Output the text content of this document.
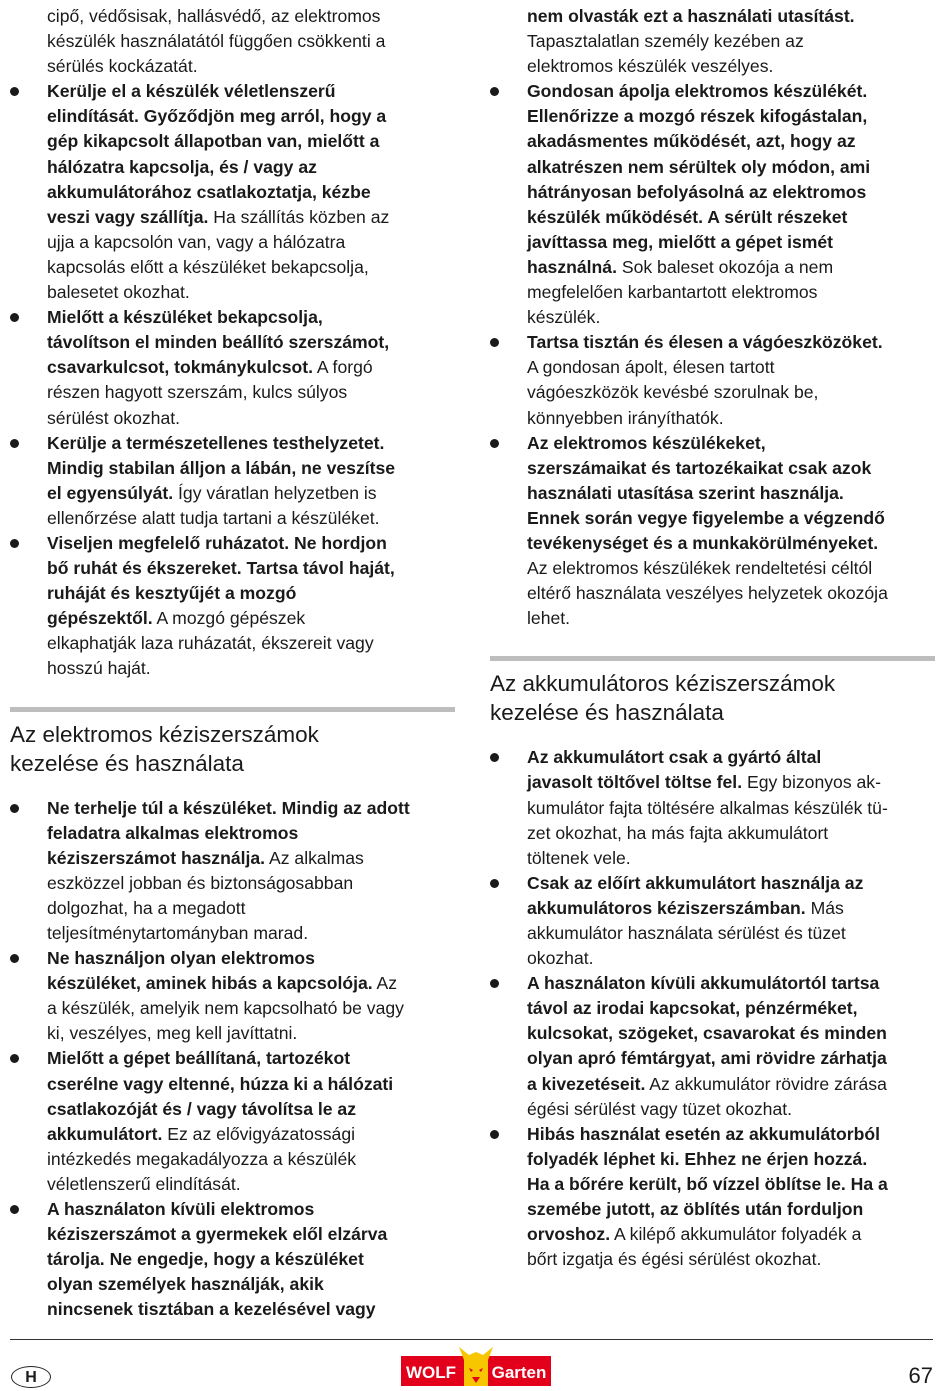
cipő, védősisak, hallásvédő, az elektromos

készülék használatától függően csökkenti a

sérülés kockázatát.

Kerülje el a készülék véletlenszerű

elindítását. Győződjön meg arról, hogy a

gép kikapcsolt állapotban van, mielőtt a

hálózatra kapcsolja, és / vagy az

akkumulátorához csatlakoztatja, kézbe

veszi vagy szállítja. Ha szállítás közben az

ujja a kapcsolón van, vagy a hálózatra

kapcsolás előtt a készüléket bekapcsolja,

balesetet okozhat.

Mielőtt a készüléket bekapcsolja,

távolítson el minden beállító szerszámot,

csavarkulcsot, tokmánykulcsot. A forgó

részen hagyott szerszám, kulcs súlyos

sérülést okozhat.

Kerülje a természetellenes testhelyzetet.

Mindig stabilan álljon a lábán, ne veszítse

el egyensúlyát. Így váratlan helyzetben is

ellenőrzése alatt tudja tartani a készüléket.

Viseljen megfelelő ruházatot. Ne hordjon

bő ruhát és ékszereket. Tartsa távol haját,

ruháját és kesztyűjét a mozgó

gépészektől. A mozgó gépészek

elkaphatják laza ruházatát, ékszereit vagy

hosszú haját.

Az elektromos kéziszerszámok
kezelése és használata

Ne terhelje túl a készüléket. Mindig az adott

feladatra alkalmas elektromos

kéziszerszámot használja. Az alkalmas

eszközzel jobban és biztonságosabban

dolgozhat, ha a megadott

teljesítménytartományban marad.

Ne használjon olyan elektromos

készüléket, aminek hibás a kapcsolója. Az

a készülék, amelyik nem kapcsolható be vagy

ki, veszélyes, meg kell javíttatni.

Mielőtt a gépet beállítaná, tartozékot

cserélne vagy eltenné, húzza ki a hálózati

csatlakozóját és / vagy távolítsa le az

akkumulátort. Ez az elővigyázatossági

intézkedés megakadályozza a készülék

véletlenszerű elindítását.

A használaton kívüli elektromos

kéziszerszámot a gyermekek elől elzárva

tárolja. Ne engedje, hogy a készüléket

olyan személyek használják, akik

nincsenek tisztában a kezelésével vagy

nem olvasták ezt a használati utasítást.

Tapasztalatlan személy kezében az

elektromos készülék veszélyes.

Gondosan ápolja elektromos készülékét.

Ellenőrizze a mozgó részek kifogástalan,

akadásmentes működését, azt, hogy az

alkatrészen nem sérültek oly módon, ami

hátrányosan befolyásolná az elektromos

készülék működését. A sérült részeket

javíttassa meg, mielőtt a gépet ismét

használná. Sok baleset okozója a nem

megfelelően karbantartott elektromos

készülék.

Tartsa tisztán és élesen a vágóeszközöket.

A gondosan ápolt, élesen tartott

vágóeszközök kevésbé szorulnak be,

könnyebben irányíthatók.

Az elektromos készülékeket,

szerszámaikat és tartozékaikat csak azok

használati utasítása szerint használja.

Ennek során vegye figyelembe a végzendő

tevékenységet és a munkakörülményeket.

Az elektromos készülékek rendeltetési céltól

eltérő használata veszélyes helyzetek okozója

lehet.

Az akkumulátoros kéziszerszámok
kezelése és használata

Az akkumulátort csak a gyártó által

javasolt töltővel töltse fel. Egy bizonyos ak-

kumulátor fajta töltésére alkalmas készülék tü-

zet okozhat, ha más fajta akkumulátort

töltenek vele.

Csak az előírt akkumulátort használja az

akkumulátoros kéziszerszámban. Más

akkumulátor használata sérülést és tüzet

okozhat.

A használaton kívüli akkumulátortól tartsa

távol az irodai kapcsokat, pénzérméket,

kulcsokat, szögeket, csavarokat és minden

olyan apró fémtárgyat, ami rövidre zárhatja

a kivezetéseit. Az akkumulátor rövidre zárása

égési sérülést vagy tüzet okozhat.

Hibás használat esetén az akkumulátorból

folyadék léphet ki. Ehhez ne érjen hozzá.

Ha a bőrére került, bő vízzel öblítse le. Ha a

szemébe jutott, az öblítés után forduljon

orvoshoz. A kilépő akkumulátor folyadék a

bőrt izgatja és égési sérülést okozhat.

H	WOLF Garten	67
